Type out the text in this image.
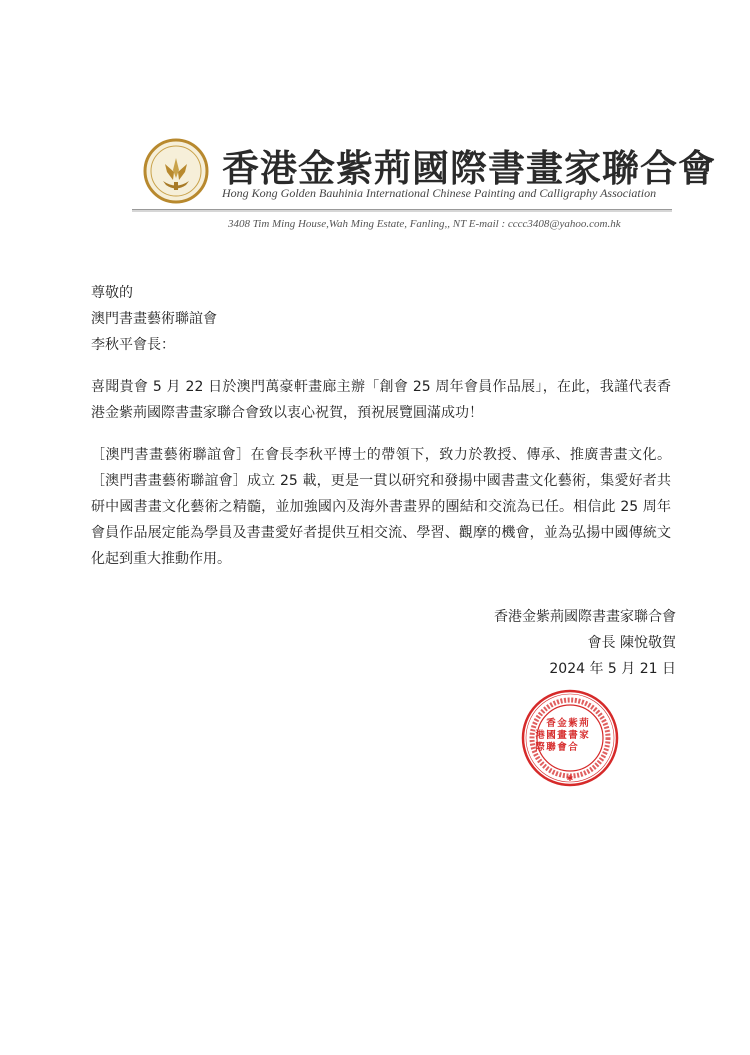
香港金紫荊國際書畫家聯合會
Hong Kong Golden Bauhinia International Chinese Painting and Calligraphy Association
3408 Tim Ming House,Wah Ming Estate, Fanling,, NT E-mail : cccc3408@yahoo.com.hk

尊敬的

澳門書畫藝術聯誼會

李秋平會長：

喜聞貴會 5 月 22 日於澳門萬豪軒畫廊主辦「創會 25 周年會員作品展」，在此，我謹代表香港金紫荊國際書畫家聯合會致以衷心祝賀，預祝展覽圓滿成功！

［澳門書畫藝術聯誼會］在會長李秋平博士的帶領下，致力於教授、傳承、推廣書畫文化。［澳門書畫藝術聯誼會］成立 25 載，更是一貫以研究和發揚中國書畫文化藝術，集愛好者共研中國書畫文化藝術之精髓，並加強國內及海外書畫界的團結和交流為已任。相信此 25 周年會員作品展定能為學員及書畫愛好者提供互相交流、學習、觀摩的機會，並為弘揚中國傳統文化起到重大推動作用。

香港金紫荊國際書畫家聯合會

會長 陳悅敬賀

2024 年 5 月 21 日

✱
荊
家
紫
書
合
金
畫
會
香
國
聯
港
際
